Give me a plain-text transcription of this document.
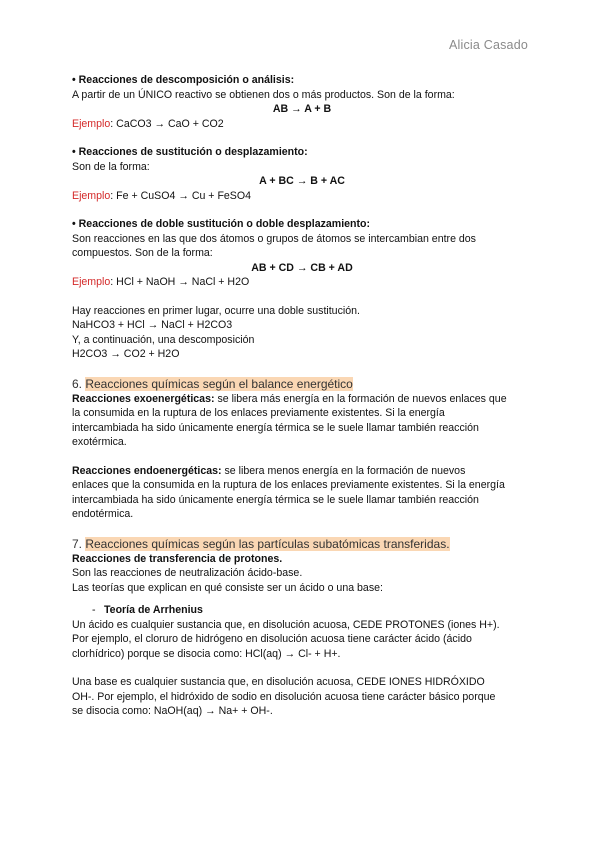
Alicia Casado

• Reacciones de descomposición o análisis:

A partir de un ÚNICO reactivo se obtienen dos o más productos. Son de la forma:

AB → A + B

Ejemplo: CaCO3 → CaO + CO2

• Reacciones de sustitución o desplazamiento:

Son de la forma:

A + BC → B + AC

Ejemplo: Fe + CuSO4 → Cu + FeSO4

• Reacciones de doble sustitución o doble desplazamiento:

Son reacciones en las que dos átomos o grupos de átomos se intercambian entre dos

compuestos. Son de la forma:

AB + CD → CB + AD

Ejemplo: HCl + NaOH → NaCl + H2O

Hay reacciones en primer lugar, ocurre una doble sustitución.

NaHCO3 + HCl → NaCl + H2CO3

Y, a continuación, una descomposición

H2CO3 → CO2 + H2O

6. Reacciones químicas según el balance energético

Reacciones exoenergéticas: se libera más energía en la formación de nuevos enlaces que

la consumida en la ruptura de los enlaces previamente existentes. Si la energía

intercambiada ha sido únicamente energía térmica se le suele llamar también reacción

exotérmica.

Reacciones endoenergéticas: se libera menos energía en la formación de nuevos

enlaces que la consumida en la ruptura de los enlaces previamente existentes. Si la energía

intercambiada ha sido únicamente energía térmica se le suele llamar también reacción

endotérmica.

7. Reacciones químicas según las partículas subatómicas transferidas.

Reacciones de transferencia de protones.

Son las reacciones de neutralización ácido-base.

Las teorías que explican en qué consiste ser un ácido o una base:

- Teoría de Arrhenius

Un ácido es cualquier sustancia que, en disolución acuosa, CEDE PROTONES (iones H+).

Por ejemplo, el cloruro de hidrógeno en disolución acuosa tiene carácter ácido (ácido

clorhídrico) porque se disocia como: HCl(aq) → Cl- + H+.

Una base es cualquier sustancia que, en disolución acuosa, CEDE IONES HIDRÓXIDO

OH-. Por ejemplo, el hidróxido de sodio en disolución acuosa tiene carácter básico porque

se disocia como: NaOH(aq) → Na+ + OH-.
